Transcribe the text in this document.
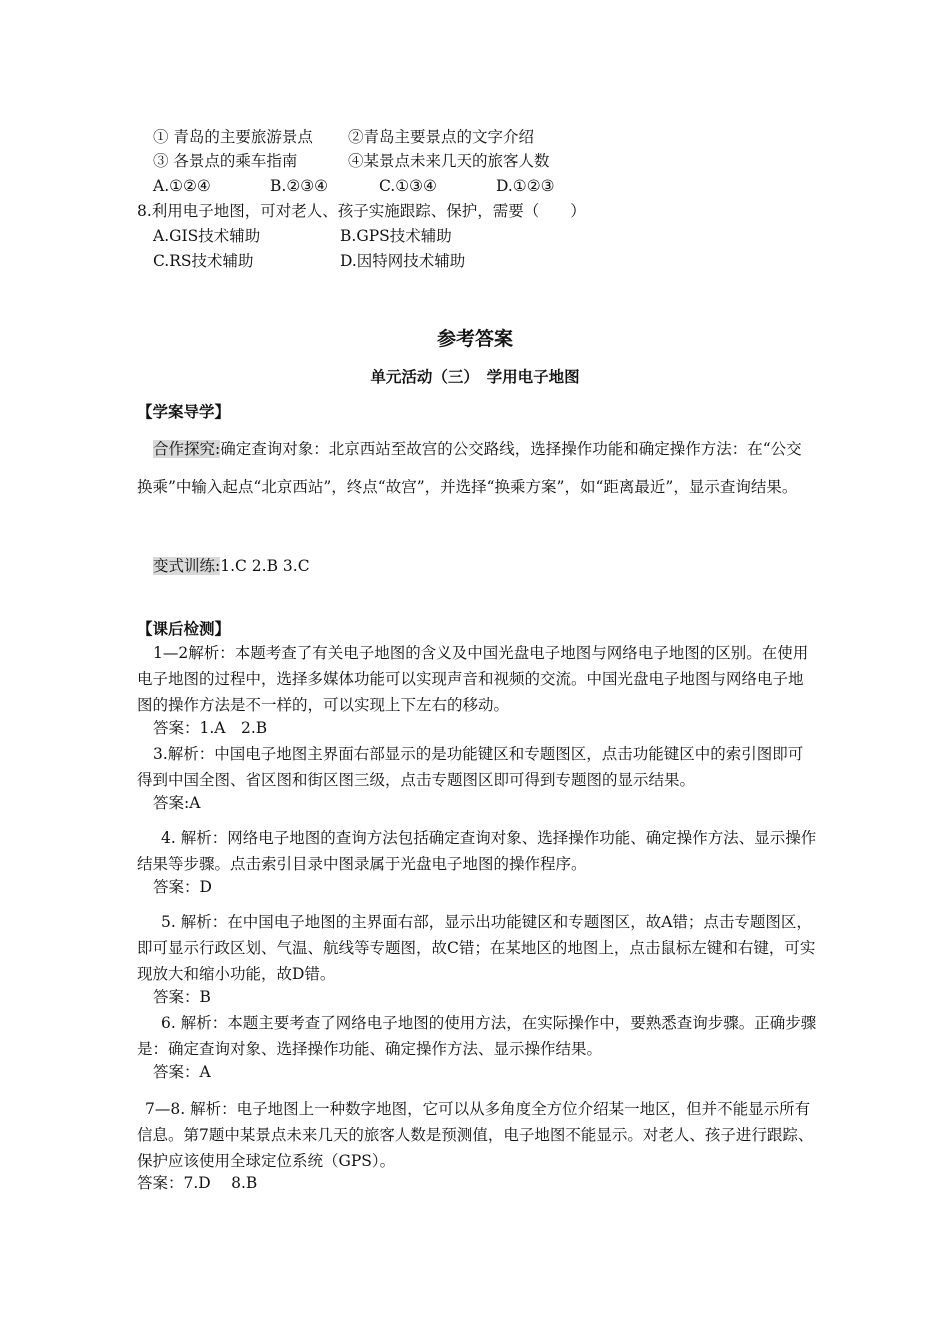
① 青岛的主要旅游景点 ②青岛主要景点的文字介绍
③ 各景点的乘车指南	④某景点未来几天的旅客人数
A.①②④	B.②③④	C.①③④	D.①②③
8.利用电子地图，可对老人、孩子实施跟踪、保护，需要（　　）
A.GIS技术辅助	B.GPS技术辅助
C.RS技术辅助	D.因特网技术辅助
参考答案
单元活动（三）　学用电子地图
【学案导学】
合作探究:确定查询对象：北京西站至故宫的公交路线，选择操作功能和确定操作方法：在“公交换乘”中输入起点“北京西站”，终点“故宫”，并选择“换乘方案”，如“距离最近”，显示查询结果。
变式训练:1.C 2.B 3.C
【课后检测】
1—2解析：本题考查了有关电子地图的含义及中国光盘电子地图与网络电子地图的区别。在使用电子地图的过程中，选择多媒体功能可以实现声音和视频的交流。中国光盘电子地图与网络电子地图的操作方法是不一样的，可以实现上下左右的移动。
答案：1.A　2.B
3.解析：中国电子地图主界面右部显示的是功能键区和专题图区，点击功能键区中的索引图即可得到中国全图、省区图和街区图三级，点击专题图区即可得到专题图的显示结果。
答案:A
4. 解析：网络电子地图的查询方法包括确定查询对象、选择操作功能、确定操作方法、显示操作结果等步骤。点击索引目录中图录属于光盘电子地图的操作程序。
答案：D
5. 解析：在中国电子地图的主界面右部，显示出功能键区和专题图区，故A错；点击专题图区，即可显示行政区划、气温、航线等专题图，故C错；在某地区的地图上，点击鼠标左键和右键，可实现放大和缩小功能，故D错。
答案：B
6. 解析：本题主要考查了网络电子地图的使用方法，在实际操作中，要熟悉查询步骤。正确步骤是：确定查询对象、选择操作功能、确定操作方法、显示操作结果。
答案：A
7—8. 解析：电子地图上一种数字地图，它可以从多角度全方位介绍某一地区，但并不能显示所有信息。第7题中某景点未来几天的旅客人数是预测值，电子地图不能显示。对老人、孩子进行跟踪、保护应该使用全球定位系统（GPS）。
答案：7.D　 8.B
